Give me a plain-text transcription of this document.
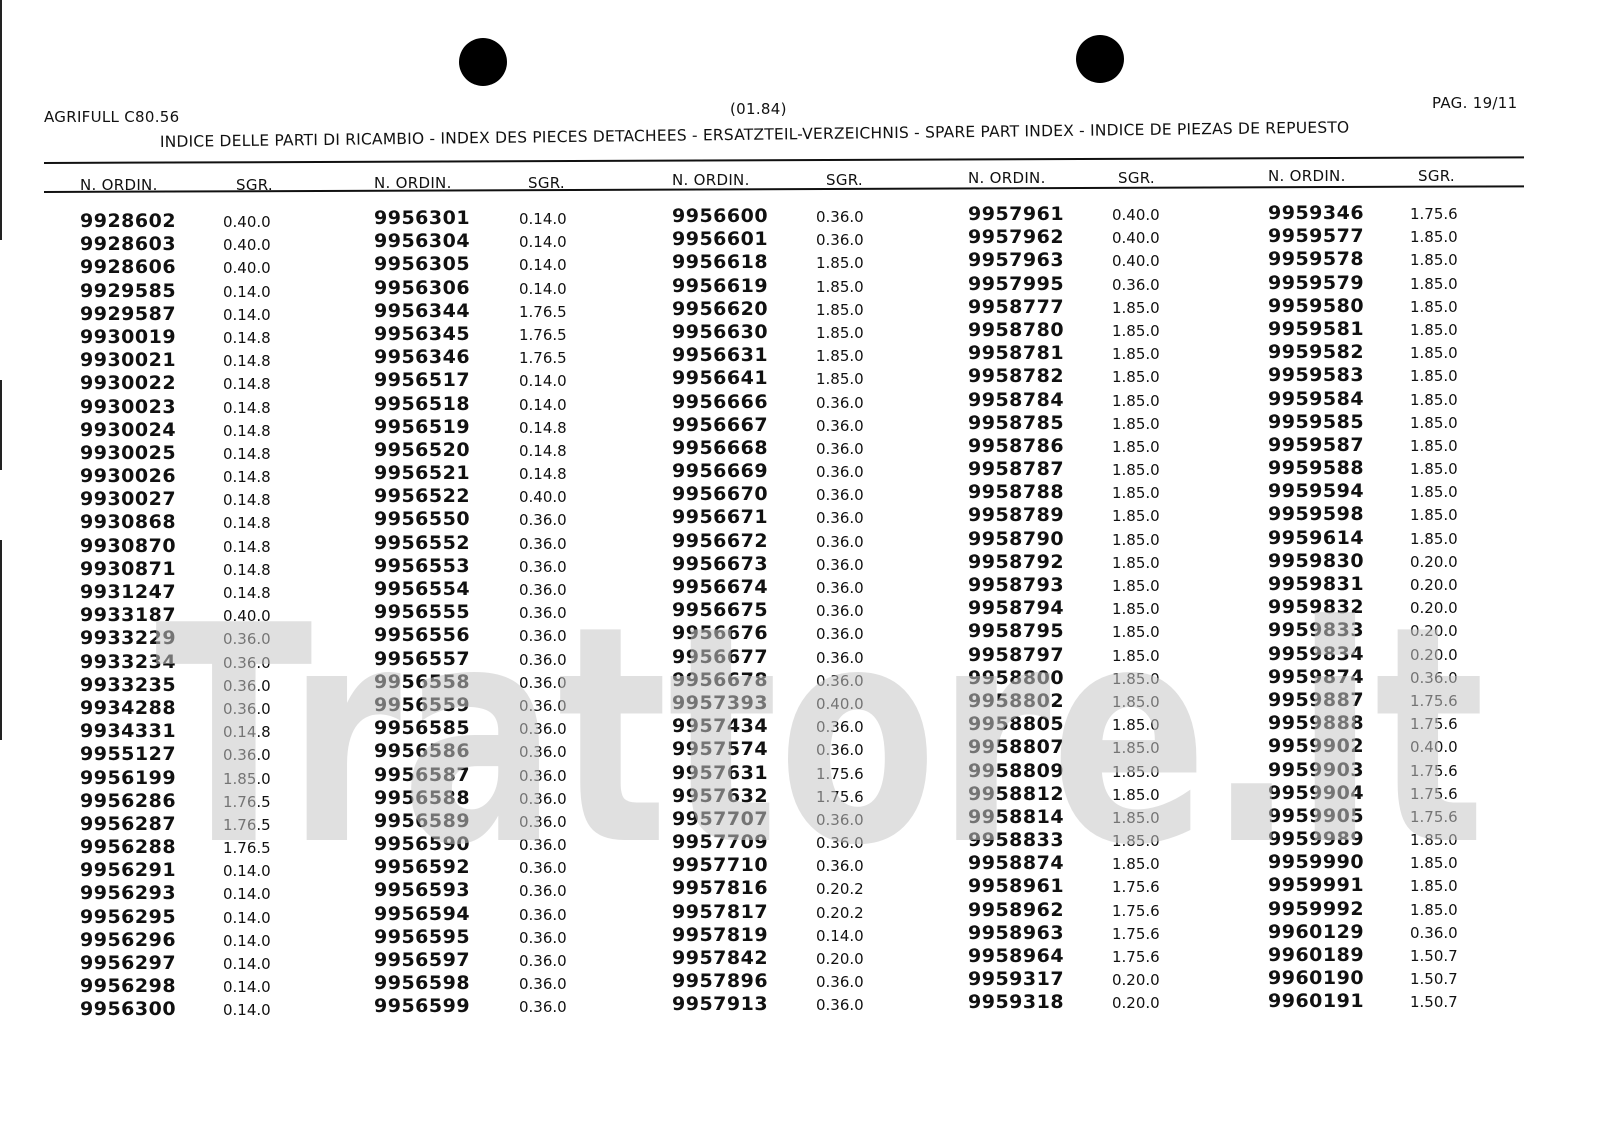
AGRIFULL C80.56	(01.84)	PAG. 19/11
INDICE DELLE PARTI DI RICAMBIO - INDEX DES PIECES DETACHEES - ERSATZTEIL-VERZEICHNIS - SPARE PART INDEX - INDICE DE PIEZAS DE REPUESTO
N. ORDIN.	SGR.
9928602	0.40.0
9928603	0.40.0
9928606	0.40.0
9929585	0.14.0
9929587	0.14.0
9930019	0.14.8
9930021	0.14.8
9930022	0.14.8
9930023	0.14.8
9930024	0.14.8
9930025	0.14.8
9930026	0.14.8
9930027	0.14.8
9930868	0.14.8
9930870	0.14.8
9930871	0.14.8
9931247	0.14.8
9933187	0.40.0
9933229	0.36.0
9933234	0.36.0
9933235	0.36.0
9934288	0.36.0
9934331	0.14.8
9955127	0.36.0
9956199	1.85.0
9956286	1.76.5
9956287	1.76.5
9956288	1.76.5
9956291	0.14.0
9956293	0.14.0
9956295	0.14.0
9956296	0.14.0
9956297	0.14.0
9956298	0.14.0
9956300	0.14.0
N. ORDIN.	SGR.
9956301	0.14.0
9956304	0.14.0
9956305	0.14.0
9956306	0.14.0
9956344	1.76.5
9956345	1.76.5
9956346	1.76.5
9956517	0.14.0
9956518	0.14.0
9956519	0.14.8
9956520	0.14.8
9956521	0.14.8
9956522	0.40.0
9956550	0.36.0
9956552	0.36.0
9956553	0.36.0
9956554	0.36.0
9956555	0.36.0
9956556	0.36.0
9956557	0.36.0
9956558	0.36.0
9956559	0.36.0
9956585	0.36.0
9956586	0.36.0
9956587	0.36.0
9956588	0.36.0
9956589	0.36.0
9956590	0.36.0
9956592	0.36.0
9956593	0.36.0
9956594	0.36.0
9956595	0.36.0
9956597	0.36.0
9956598	0.36.0
9956599	0.36.0
N. ORDIN.	SGR.
9956600	0.36.0
9956601	0.36.0
9956618	1.85.0
9956619	1.85.0
9956620	1.85.0
9956630	1.85.0
9956631	1.85.0
9956641	1.85.0
9956666	0.36.0
9956667	0.36.0
9956668	0.36.0
9956669	0.36.0
9956670	0.36.0
9956671	0.36.0
9956672	0.36.0
9956673	0.36.0
9956674	0.36.0
9956675	0.36.0
9956676	0.36.0
9956677	0.36.0
9956678	0.36.0
9957393	0.40.0
9957434	0.36.0
9957574	0.36.0
9957631	1.75.6
9957632	1.75.6
9957707	0.36.0
9957709	0.36.0
9957710	0.36.0
9957816	0.20.2
9957817	0.20.2
9957819	0.14.0
9957842	0.20.0
9957896	0.36.0
9957913	0.36.0
N. ORDIN.	SGR.
9957961	0.40.0
9957962	0.40.0
9957963	0.40.0
9957995	0.36.0
9958777	1.85.0
9958780	1.85.0
9958781	1.85.0
9958782	1.85.0
9958784	1.85.0
9958785	1.85.0
9958786	1.85.0
9958787	1.85.0
9958788	1.85.0
9958789	1.85.0
9958790	1.85.0
9958792	1.85.0
9958793	1.85.0
9958794	1.85.0
9958795	1.85.0
9958797	1.85.0
9958800	1.85.0
9958802	1.85.0
9958805	1.85.0
9958807	1.85.0
9958809	1.85.0
9958812	1.85.0
9958814	1.85.0
9958833	1.85.0
9958874	1.85.0
9958961	1.75.6
9958962	1.75.6
9958963	1.75.6
9958964	1.75.6
9959317	0.20.0
9959318	0.20.0
N. ORDIN.	SGR.
9959346	1.75.6
9959577	1.85.0
9959578	1.85.0
9959579	1.85.0
9959580	1.85.0
9959581	1.85.0
9959582	1.85.0
9959583	1.85.0
9959584	1.85.0
9959585	1.85.0
9959587	1.85.0
9959588	1.85.0
9959594	1.85.0
9959598	1.85.0
9959614	1.85.0
9959830	0.20.0
9959831	0.20.0
9959832	0.20.0
9959833	0.20.0
9959834	0.20.0
9959874	0.36.0
9959887	1.75.6
9959888	1.75.6
9959902	0.40.0
9959903	1.75.6
9959904	1.75.6
9959905	1.75.6
9959989	1.85.0
9959990	1.85.0
9959991	1.85.0
9959992	1.85.0
9960129	0.36.0
9960189	1.50.7
9960190	1.50.7
9960191	1.50.7
Trattore.it
